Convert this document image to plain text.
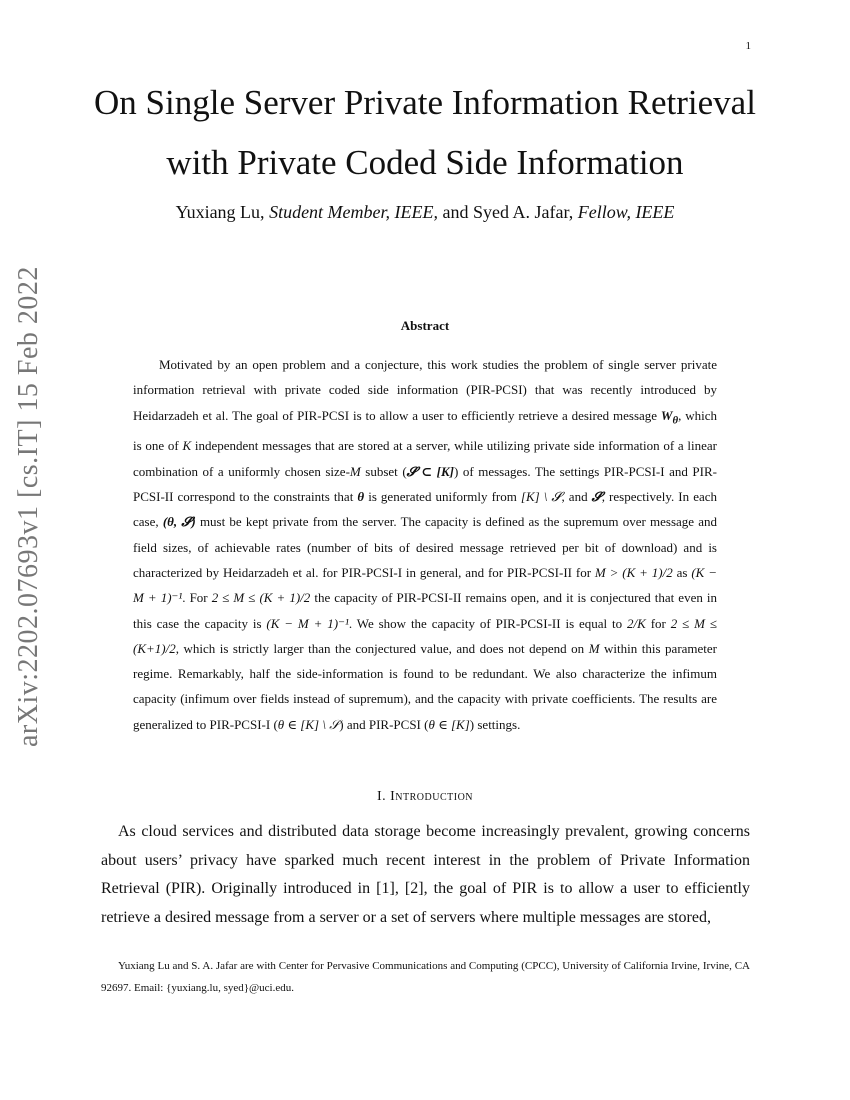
1
arXiv:2202.07693v1 [cs.IT] 15 Feb 2022
On Single Server Private Information Retrieval
with Private Coded Side Information
Yuxiang Lu, Student Member, IEEE, and Syed A. Jafar, Fellow, IEEE
Abstract

Motivated by an open problem and a conjecture, this work studies the problem of single server private information retrieval with private coded side information (PIR-PCSI) that was recently introduced by Heidarzadeh et al. The goal of PIR-PCSI is to allow a user to efficiently retrieve a desired message $W_\theta$, which is one of K independent messages that are stored at a server, while utilizing private side information of a linear combination of a uniformly chosen size-M subset (𝓢 ⊂ [K]) of messages. The settings PIR-PCSI-I and PIR-PCSI-II correspond to the constraints that θ is generated uniformly from [K] \ 𝓢, and 𝓢, respectively. In each case, (θ, 𝓢) must be kept private from the server. The capacity is defined as the supremum over message and field sizes, of achievable rates (number of bits of desired message retrieved per bit of download) and is characterized by Heidarzadeh et al. for PIR-PCSI-I in general, and for PIR-PCSI-II for M > (K + 1)/2 as (K − M + 1)⁻¹. For 2 ≤ M ≤ (K + 1)/2 the capacity of PIR-PCSI-II remains open, and it is conjectured that even in this case the capacity is (K − M + 1)⁻¹. We show the capacity of PIR-PCSI-II is equal to 2/K for 2 ≤ M ≤ (K+1)/2, which is strictly larger than the conjectured value, and does not depend on M within this parameter regime. Remarkably, half the side-information is found to be redundant. We also characterize the infimum capacity (infimum over fields instead of supremum), and the capacity with private coefficients. The results are generalized to PIR-PCSI-I (θ ∈ [K] \ 𝒮) and PIR-PCSI (θ ∈ [K]) settings.

I. Introduction

As cloud services and distributed data storage become increasingly prevalent, growing concerns about users’ privacy have sparked much recent interest in the problem of Private Information Retrieval (PIR). Originally introduced in [1], [2], the goal of PIR is to allow a user to efficiently retrieve a desired message from a server or a set of servers where multiple messages are stored,

Yuxiang Lu and S. A. Jafar are with Center for Pervasive Communications and Computing (CPCC), University of California Irvine, Irvine, CA 92697. Email: {yuxiang.lu, syed}@uci.edu.
